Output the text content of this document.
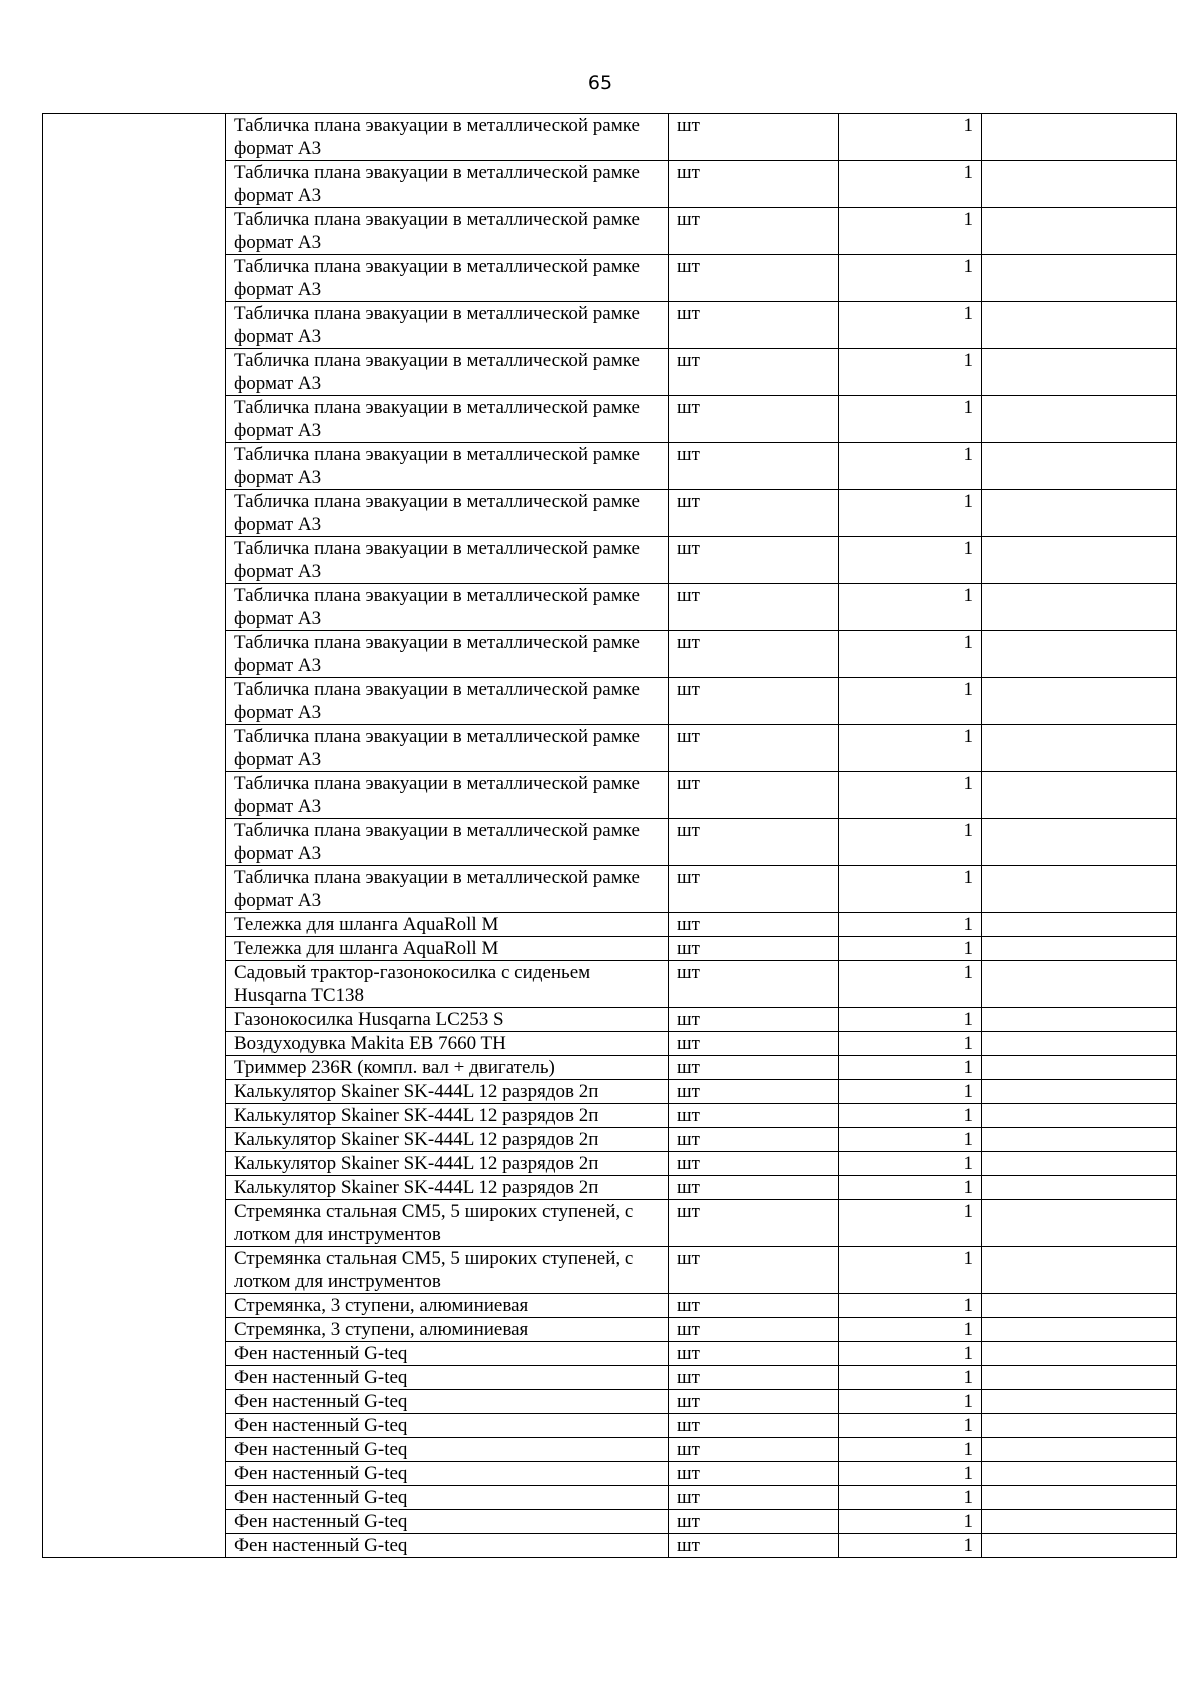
65
	Табличка плана эвакуации в металлической рамке формат А3	шт	1	
	Табличка плана эвакуации в металлической рамке формат А3	шт	1	
	Табличка плана эвакуации в металлической рамке формат А3	шт	1	
	Табличка плана эвакуации в металлической рамке формат А3	шт	1	
	Табличка плана эвакуации в металлической рамке формат А3	шт	1	
	Табличка плана эвакуации в металлической рамке формат А3	шт	1	
	Табличка плана эвакуации в металлической рамке формат А3	шт	1	
	Табличка плана эвакуации в металлической рамке формат А3	шт	1	
	Табличка плана эвакуации в металлической рамке формат А3	шт	1	
	Табличка плана эвакуации в металлической рамке формат А3	шт	1	
	Табличка плана эвакуации в металлической рамке формат А3	шт	1	
	Табличка плана эвакуации в металлической рамке формат А3	шт	1	
	Табличка плана эвакуации в металлической рамке формат А3	шт	1	
	Табличка плана эвакуации в металлической рамке формат А3	шт	1	
	Табличка плана эвакуации в металлической рамке формат А3	шт	1	
	Табличка плана эвакуации в металлической рамке формат А3	шт	1	
	Табличка плана эвакуации в металлической рамке формат А3	шт	1	
	Тележка для шланга AquaRoll M	шт	1	
	Тележка для шланга AquaRoll M	шт	1	
	Садовый трактор-газонокосилка с сиденьем Husqarna TC138	шт	1	
	Газонокосилка Husqarna LC253 S	шт	1	
	Воздуходувка Makita EB 7660 TH	шт	1	
	Триммер 236R (компл. вал + двигатель)	шт	1	
	Калькулятор Skainer SK-444L 12 разрядов 2п	шт	1	
	Калькулятор Skainer SK-444L 12 разрядов 2п	шт	1	
	Калькулятор Skainer SK-444L 12 разрядов 2п	шт	1	
	Калькулятор Skainer SK-444L 12 разрядов 2п	шт	1	
	Калькулятор Skainer SK-444L 12 разрядов 2п	шт	1	
	Стремянка стальная СМ5, 5 широких ступеней, с лотком для инструментов	шт	1	
	Стремянка стальная СМ5, 5 широких ступеней, с лотком для инструментов	шт	1	
	Стремянка, 3 ступени, алюминиевая	шт	1	
	Стремянка, 3 ступени, алюминиевая	шт	1	
	Фен настенный G-teq	шт	1	
	Фен настенный G-teq	шт	1	
	Фен настенный G-teq	шт	1	
	Фен настенный G-teq	шт	1	
	Фен настенный G-teq	шт	1	
	Фен настенный G-teq	шт	1	
	Фен настенный G-teq	шт	1	
	Фен настенный G-teq	шт	1	
	Фен настенный G-teq	шт	1	
